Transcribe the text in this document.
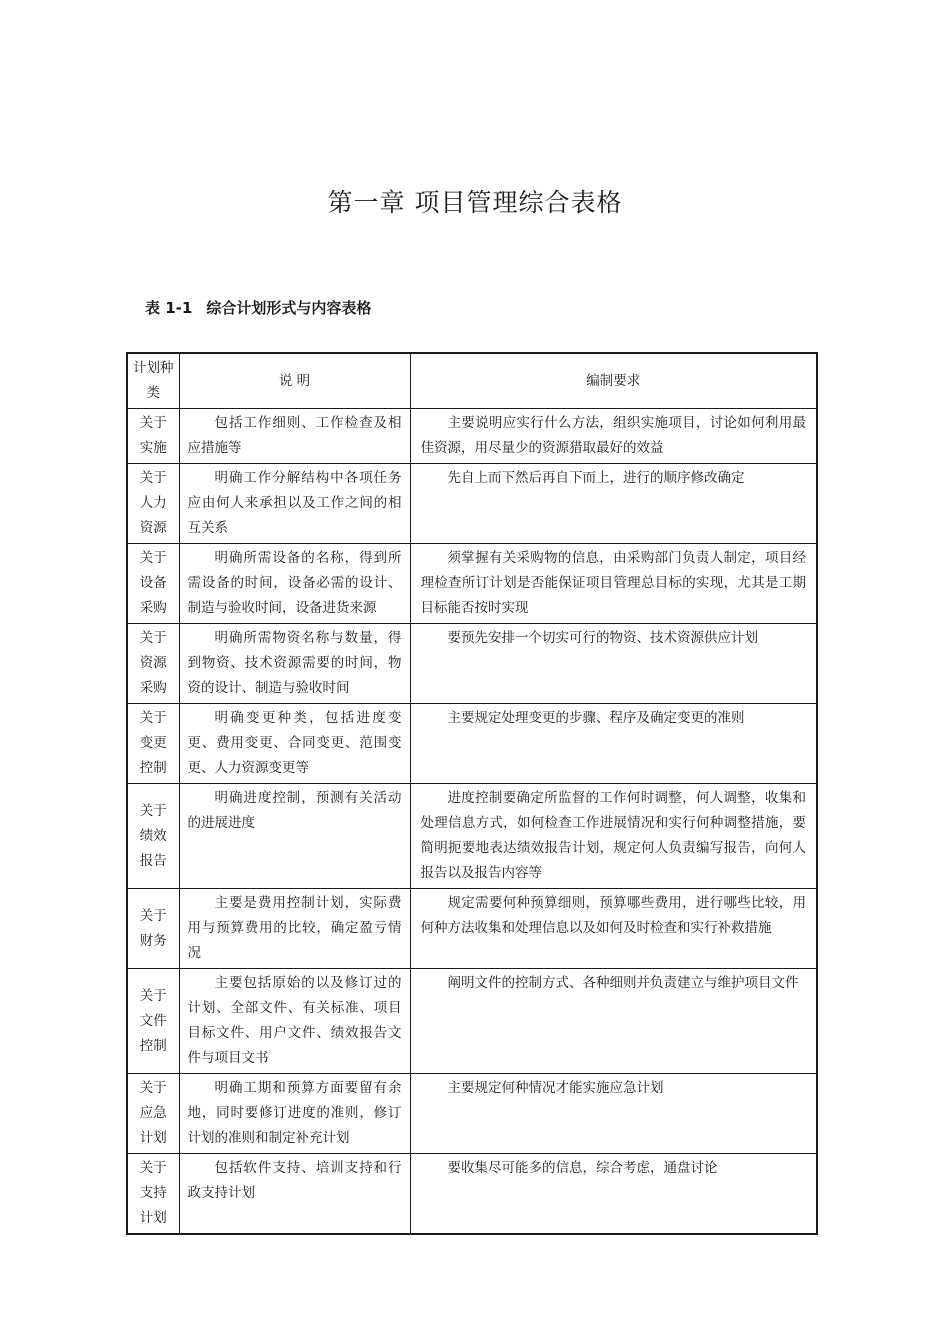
第一章 项目管理综合表格
表 1-1 综合计划形式与内容表格
计划种类	说 明	编制要求
关于实施	包括工作细则、工作检查及相应措施等	主要说明应实行什么方法，组织实施项目，讨论如何利用最佳资源，用尽量少的资源猎取最好的效益
关于人力资源	明确工作分解结构中各项任务应由何人来承担以及工作之间的相互关系	先自上而下然后再自下而上，进行的顺序修改确定
关于设备采购	明确所需设备的名称，得到所需设备的时间，设备必需的设计、制造与验收时间，设备进货来源	须掌握有关采购物的信息，由采购部门负责人制定，项目经理检查所订计划是否能保证项目管理总目标的实现，尤其是工期目标能否按时实现
关于资源采购	明确所需物资名称与数量，得到物资、技术资源需要的时间，物资的设计、制造与验收时间	要预先安排一个切实可行的物资、技术资源供应计划
关于变更控制	明确变更种类，包括进度变更、费用变更、合同变更、范围变更、人力资源变更等	主要规定处理变更的步骤、程序及确定变更的准则
关于绩效报告	明确进度控制，预测有关活动的进展进度	进度控制要确定所监督的工作何时调整，何人调整，收集和处理信息方式，如何检查工作进展情况和实行何种调整措施，要简明扼要地表达绩效报告计划，规定何人负责编写报告，向何人报告以及报告内容等
关于财务	主要是费用控制计划，实际费用与预算费用的比较，确定盈亏情况	规定需要何种预算细则，预算哪些费用，进行哪些比较，用何种方法收集和处理信息以及如何及时检查和实行补救措施
关于文件控制	主要包括原始的以及修订过的计划、全部文件、有关标准、项目目标文件、用户文件、绩效报告文件与项目文书	阐明文件的控制方式、各种细则并负责建立与维护项目文件
关于应急计划	明确工期和预算方面要留有余地，同时要修订进度的准则，修订计划的准则和制定补充计划	主要规定何种情况才能实施应急计划
关于支持计划	包括软件支持、培训支持和行政支持计划	要收集尽可能多的信息，综合考虑，通盘讨论
